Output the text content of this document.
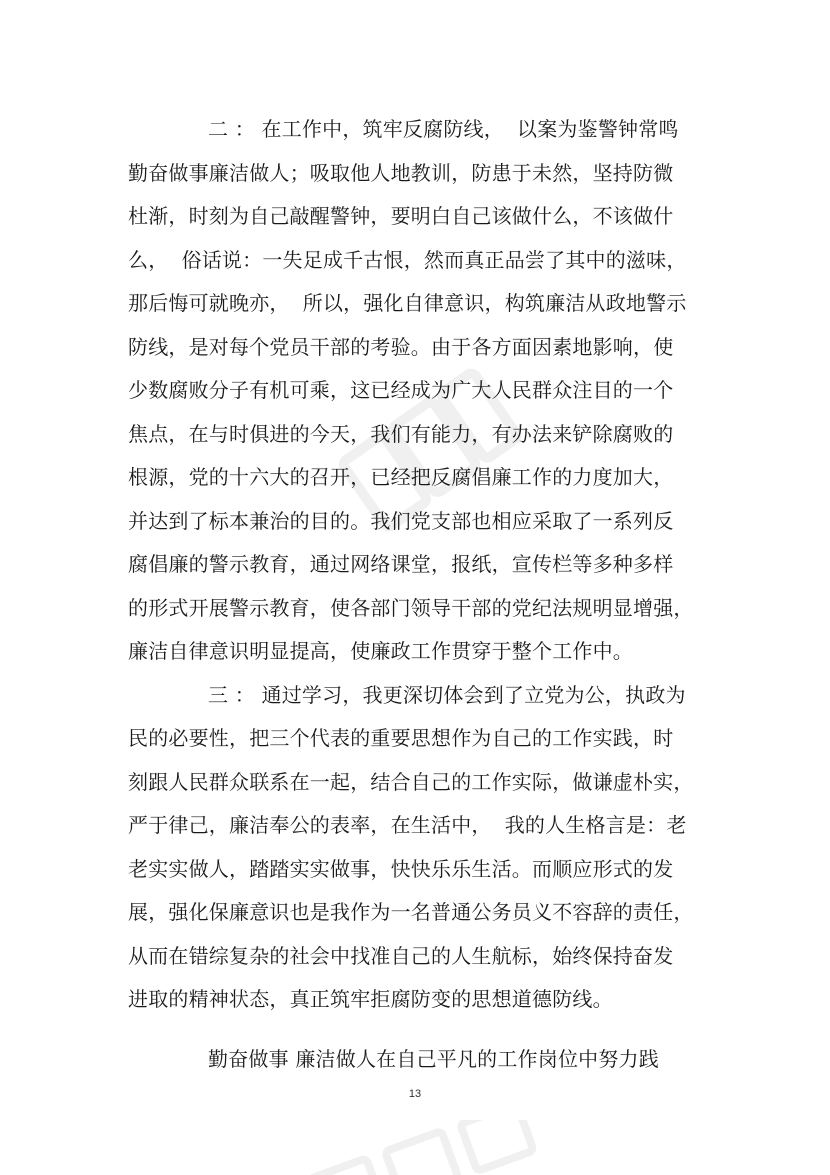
二 ： 在工作中，筑牢反腐防线，  以案为鉴警钟常鸣
勤奋做事廉洁做人；吸取他人地教训，防患于未然，坚持防微
杜渐，时刻为自己敲醒警钟，要明白自己该做什么，不该做什
么，  俗话说：一失足成千古恨，然而真正品尝了其中的滋味，
那后悔可就晚亦，  所以，强化自律意识，构筑廉洁从政地警示
防线，是对每个党员干部的考验。由于各方面因素地影响，使
少数腐败分子有机可乘，这已经成为广大人民群众注目的一个
焦点，在与时俱进的今天，我们有能力，有办法来铲除腐败的
根源，党的十六大的召开，已经把反腐倡廉工作的力度加大，
并达到了标本兼治的目的。我们党支部也相应采取了一系列反
腐倡廉的警示教育，通过网络课堂，报纸，宣传栏等多种多样
的形式开展警示教育，使各部门领导干部的党纪法规明显增强，
廉洁自律意识明显提高，使廉政工作贯穿于整个工作中。
三 ： 通过学习，我更深切体会到了立党为公，执政为
民的必要性，把三个代表的重要思想作为自己的工作实践，时
刻跟人民群众联系在一起，结合自己的工作实际，做谦虚朴实，
严于律己，廉洁奉公的表率，在生活中，  我的人生格言是：老
老实实做人，踏踏实实做事，快快乐乐生活。而顺应形式的发
展，强化保廉意识也是我作为一名普通公务员义不容辞的责任，
从而在错综复杂的社会中找准自己的人生航标，始终保持奋发
进取的精神状态，真正筑牢拒腐防变的思想道德防线。
勤奋做事 廉洁做人在自己平凡的工作岗位中努力践
13
